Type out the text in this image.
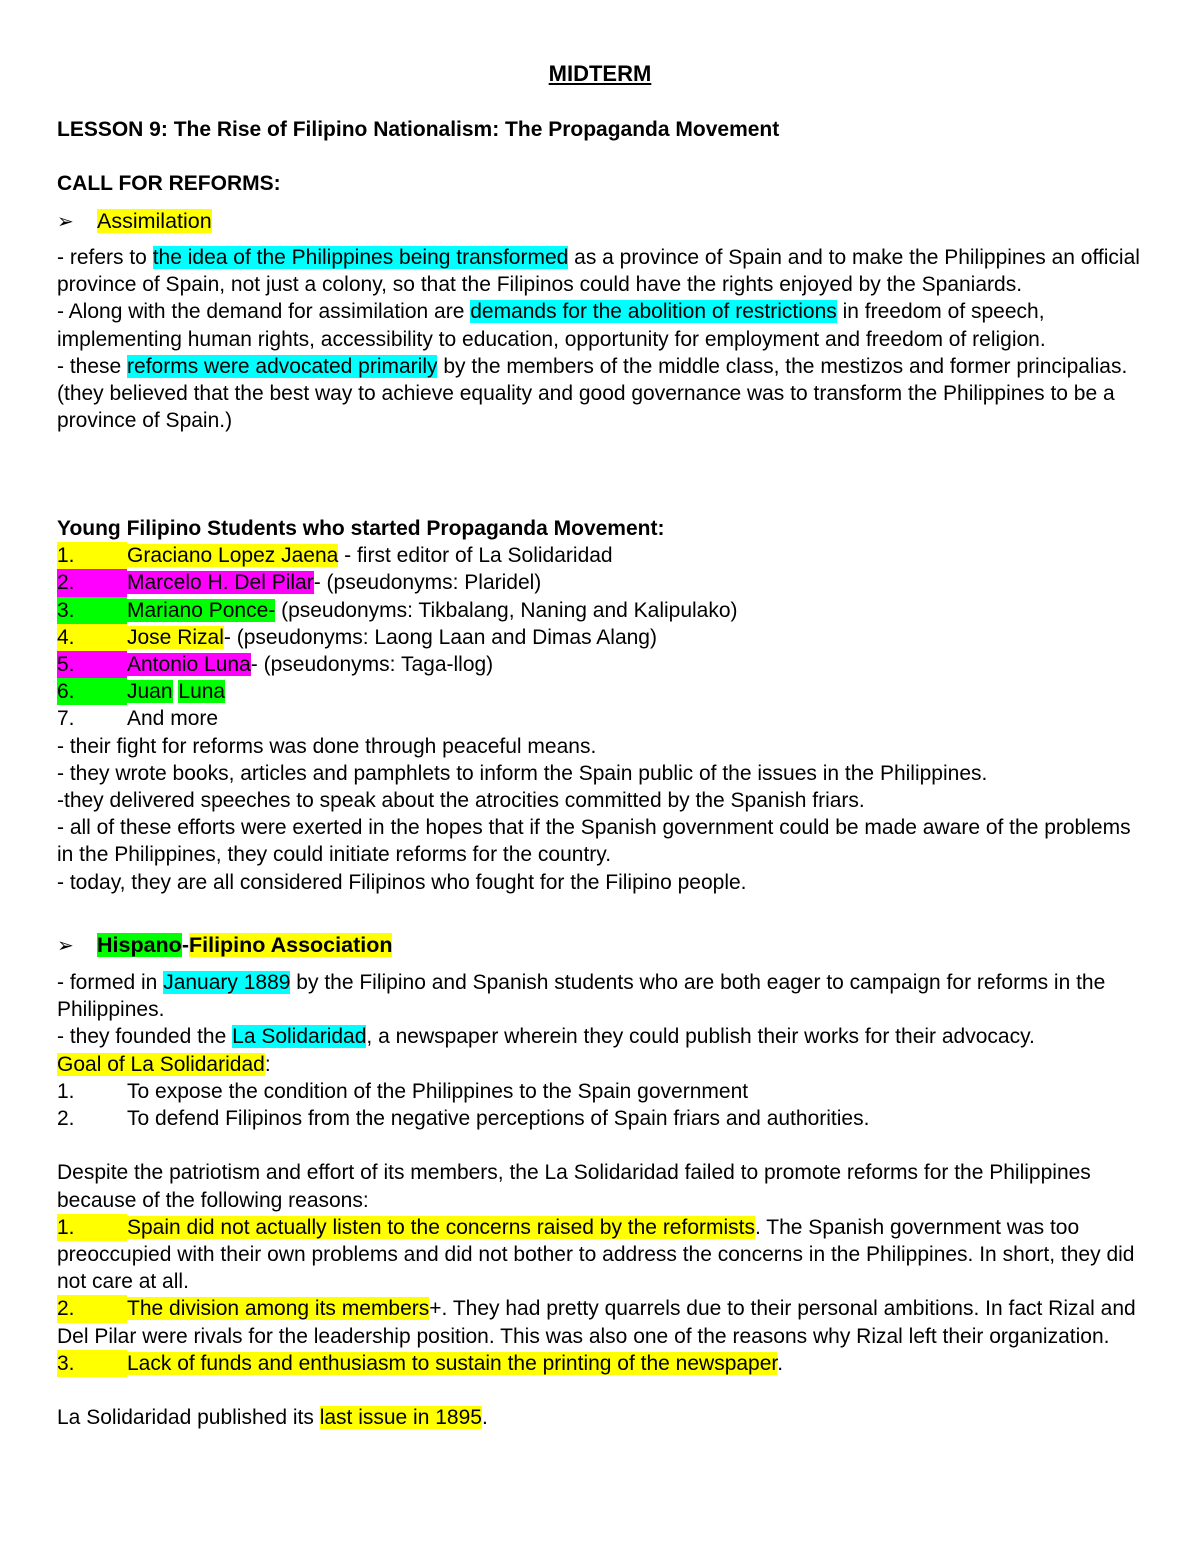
MIDTERM
LESSON 9: The Rise of Filipino Nationalism: The Propaganda Movement
CALL FOR REFORMS:
➢ Assimilation

- refers to the idea of the Philippines being transformed as a province of Spain and to make the Philippines an official province of Spain, not just a colony, so that the Filipinos could have the rights enjoyed by the Spaniards.

- Along with the demand for assimilation are demands for the abolition of restrictions in freedom of speech, implementing human rights, accessibility to education, opportunity for employment and freedom of religion.

- these reforms were advocated primarily by the members of the middle class, the mestizos and former principalias. (they believed that the best way to achieve equality and good governance was to transform the Philippines to be a province of Spain.)

Young Filipino Students who started Propaganda Movement:

1. Graciano Lopez Jaena - first editor of La Solidaridad

2. Marcelo H. Del Pilar- (pseudonyms: Plaridel)

3. Mariano Ponce- (pseudonyms: Tikbalang, Naning and Kalipulako)

4. Jose Rizal- (pseudonyms: Laong Laan and Dimas Alang)

5. Antonio Luna- (pseudonyms: Taga-llog)

6. Juan Luna

7. And more

- their fight for reforms was done through peaceful means.

- they wrote books, articles and pamphlets to inform the Spain public of the issues in the Philippines.

-they delivered speeches to speak about the atrocities committed by the Spanish friars.

- all of these efforts were exerted in the hopes that if the Spanish government could be made aware of the problems in the Philippines, they could initiate reforms for the country.

- today, they are all considered Filipinos who fought for the Filipino people.

➢ Hispano-Filipino Association

- formed in January 1889 by the Filipino and Spanish students who are both eager to campaign for reforms in the Philippines.

- they founded the La Solidaridad, a newspaper wherein they could publish their works for their advocacy.

Goal of La Solidaridad:

1. To expose the condition of the Philippines to the Spain government

2. To defend Filipinos from the negative perceptions of Spain friars and authorities.

Despite the patriotism and effort of its members, the La Solidaridad failed to promote reforms for the Philippines because of the following reasons:

1. Spain did not actually listen to the concerns raised by the reformists. The Spanish government was too preoccupied with their own problems and did not bother to address the concerns in the Philippines. In short, they did not care at all.

2. The division among its members+. They had pretty quarrels due to their personal ambitions. In fact Rizal and Del Pilar were rivals for the leadership position. This was also one of the reasons why Rizal left their organization.

3. Lack of funds and enthusiasm to sustain the printing of the newspaper.

La Solidaridad published its last issue in 1895.
